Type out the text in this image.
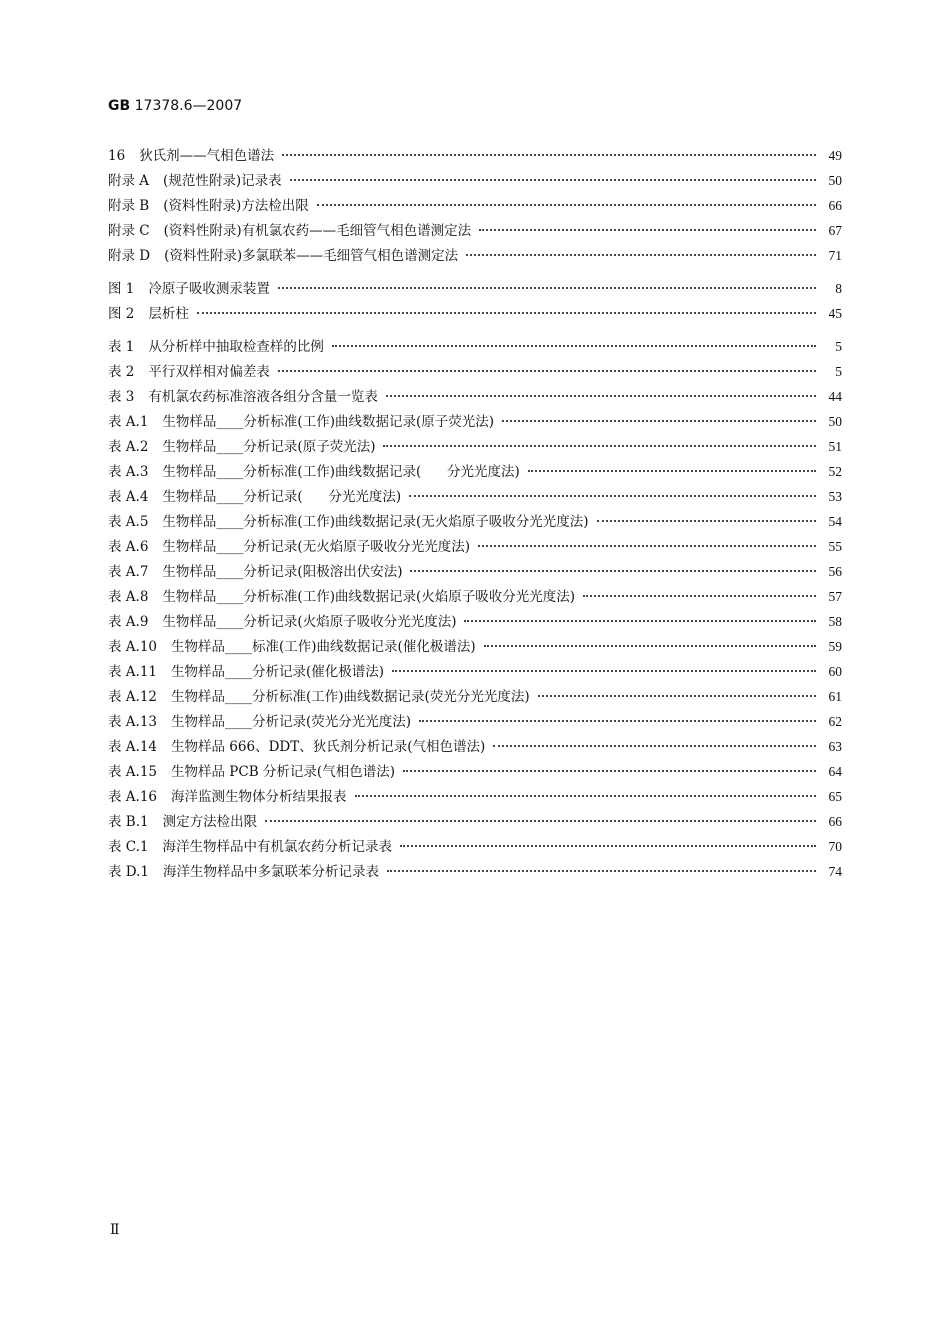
GB 17378.6—2007
16	狄氏剂——气相色谱法	49
附录 A	(规范性附录)记录表	50
附录 B	(资料性附录)方法检出限	66
附录 C	(资料性附录)有机氯农药——毛细管气相色谱测定法	67
附录 D	(资料性附录)多氯联苯——毛细管气相色谱测定法	71
图 1	冷原子吸收测汞装置	8
图 2	层析柱	45
表 1	从分析样中抽取检查样的比例	5
表 2	平行双样相对偏差表	5
表 3	有机氯农药标准溶液各组分含量一览表	44
表 A.1	生物样品____分析标准(工作)曲线数据记录(原子荧光法)	50
表 A.2	生物样品____分析记录(原子荧光法)	51
表 A.3	生物样品____分析标准(工作)曲线数据记录(      分光光度法)	52
表 A.4	生物样品____分析记录(      分光光度法)	53
表 A.5	生物样品____分析标准(工作)曲线数据记录(无火焰原子吸收分光光度法)	54
表 A.6	生物样品____分析记录(无火焰原子吸收分光光度法)	55
表 A.7	生物样品____分析记录(阳极溶出伏安法)	56
表 A.8	生物样品____分析标准(工作)曲线数据记录(火焰原子吸收分光光度法)	57
表 A.9	生物样品____分析记录(火焰原子吸收分光光度法)	58
表 A.10	生物样品____标准(工作)曲线数据记录(催化极谱法)	59
表 A.11	生物样品____分析记录(催化极谱法)	60
表 A.12	生物样品____分析标准(工作)曲线数据记录(荧光分光光度法)	61
表 A.13	生物样品____分析记录(荧光分光光度法)	62
表 A.14	生物样品 666、DDT、狄氏剂分析记录(气相色谱法)	63
表 A.15	生物样品 PCB 分析记录(气相色谱法)	64
表 A.16	海洋监测生物体分析结果报表	65
表 B.1	测定方法检出限	66
表 C.1	海洋生物样品中有机氯农药分析记录表	70
表 D.1	海洋生物样品中多氯联苯分析记录表	74
Ⅱ
